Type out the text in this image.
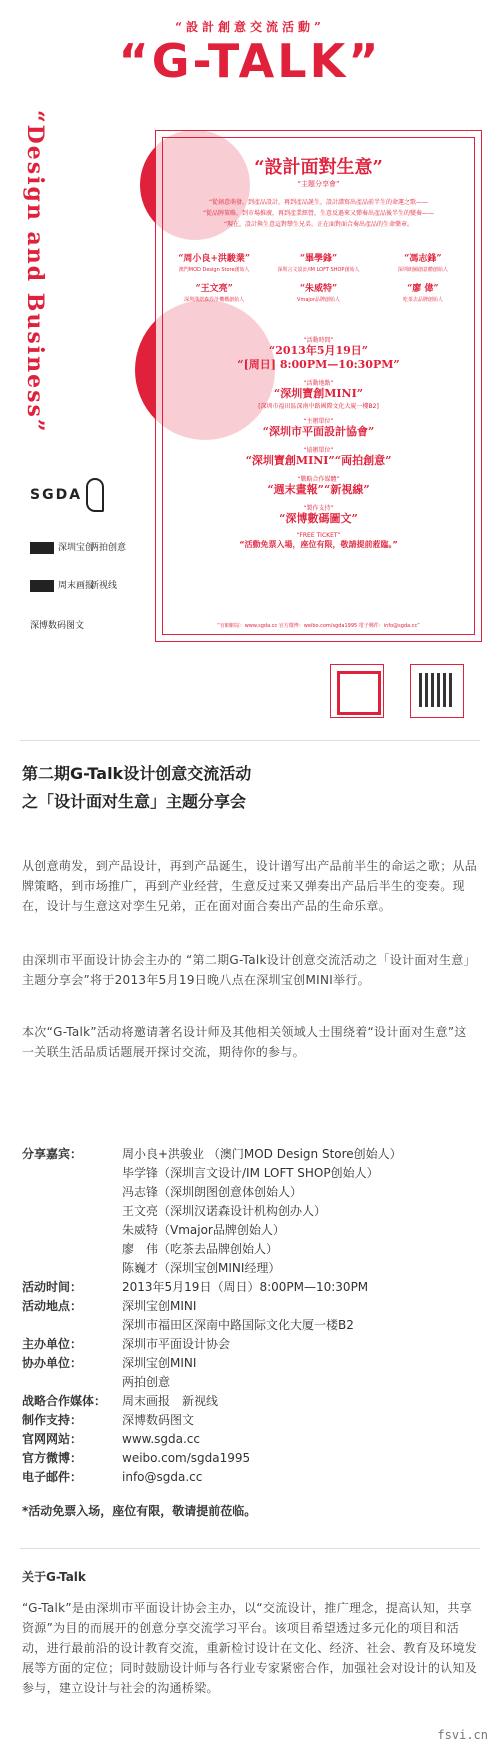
“設計創意交流活動”
“G-TALK”
“Design and Business”
SGDA
深圳宝创
两拍创意
周末画报
新视线
深博数码图文
“設計面對生意”
“主題分享會”
“從創意萌發，到產品設計，再到產品誕生，設計譜寫出產品前半生的命運之歌——
“從品牌策略，到市場推廣，再到產業經營，生意反過來又彈奏出產品後半生的變奏——
“現在，設計與生意這對孿生兄弟，正在面對面合奏出產品的生命樂章。
“周小良+洪駿業”
澳門MOD Design Store創始人
“畢學鋒”
深圳言文設計/IM LOFT SHOP創始人
“馮志鋒”
深圳朗圖創意體創始人
“王文亮”
深圳漢諾森設計機構創始人
“朱威特”
Vmajor品牌創始人
“廖 偉”
吃茶去品牌創始人
“活動時間”
“2013年5月19日”
“[周日] 8:00PM—10:30PM”
“活動地點”
“深圳寶創MINI”
[深圳市福田區深南中路國際文化大廈一樓B2]
“主辦單位”
“深圳市平面設計協會”
“協辦單位”
“深圳寶創MINI”“両拍創意”
“戰略合作媒體”
“週末畫報”“新視線”
“製作支持”
“深博數碼圖文”
“FREE TICKET”
“活動免票入場，座位有限，敬請提前蒞臨。”
“官網網站：www.sgda.cc 官方微博：weibo.com/sgda1995 電子郵件：info@sgda.cc”
第二期G-Talk设计创意交流活动
之「设计面对生意」主题分享会
从创意萌发，到产品设计，再到产品诞生，设计谱写出产品前半生的命运之歌；从品牌策略，到市场推广，再到产业经营，生意反过来又弹奏出产品后半生的变奏。现在，设计与生意这对孪生兄弟，正在面对面合奏出产品的生命乐章。
由深圳市平面设计协会主办的 “第二期G-Talk设计创意交流活动之「设计面对生意」主题分享会”将于2013年5月19日晚八点在深圳宝创MINI举行。
本次“G-Talk”活动将邀请著名设计师及其他相关领域人士围绕着“设计面对生意”这一关联生活品质话题展开探讨交流，期待你的参与。
分享嘉宾：	周小良+洪骏业 （澳门MOD Design Store创始人）
毕学锋（深圳言文设计/IM LOFT SHOP创始人）
冯志锋（深圳朗图创意体创始人）
王文亮（深圳汉诺森设计机构创办人）
朱威特（Vmajor品牌创始人）
廖　伟（吃茶去品牌创始人）
陈巍才（深圳宝创MINI经理）
活动时间：	2013年5月19日（周日）8:00PM—10:30PM
活动地点：	深圳宝创MINI
深圳市福田区深南中路国际文化大厦一楼B2
主办单位：	深圳市平面设计协会
协办单位：	深圳宝创MINI
两拍创意
战略合作媒体：	周末画报　新视线
制作支持：	深博数码图文
官网网站：	www.sgda.cc
官方微博：	weibo.com/sgda1995
电子邮件：	info@sgda.cc
*活动免票入场，座位有限，敬请提前莅临。
关于G-Talk
“G-Talk”是由深圳市平面设计协会主办，以“交流设计，推广理念，提高认知，共享资源”为目的而展开的创意分享交流学习平台。该项目希望透过多元化的项目和活动，进行最前沿的设计教育交流，重新检讨设计在文化、经济、社会、教育及环境发展等方面的定位；同时鼓励设计师与各行业专家紧密合作，加强社会对设计的认知及参与，建立设计与社会的沟通桥梁。
fsvi.cn
